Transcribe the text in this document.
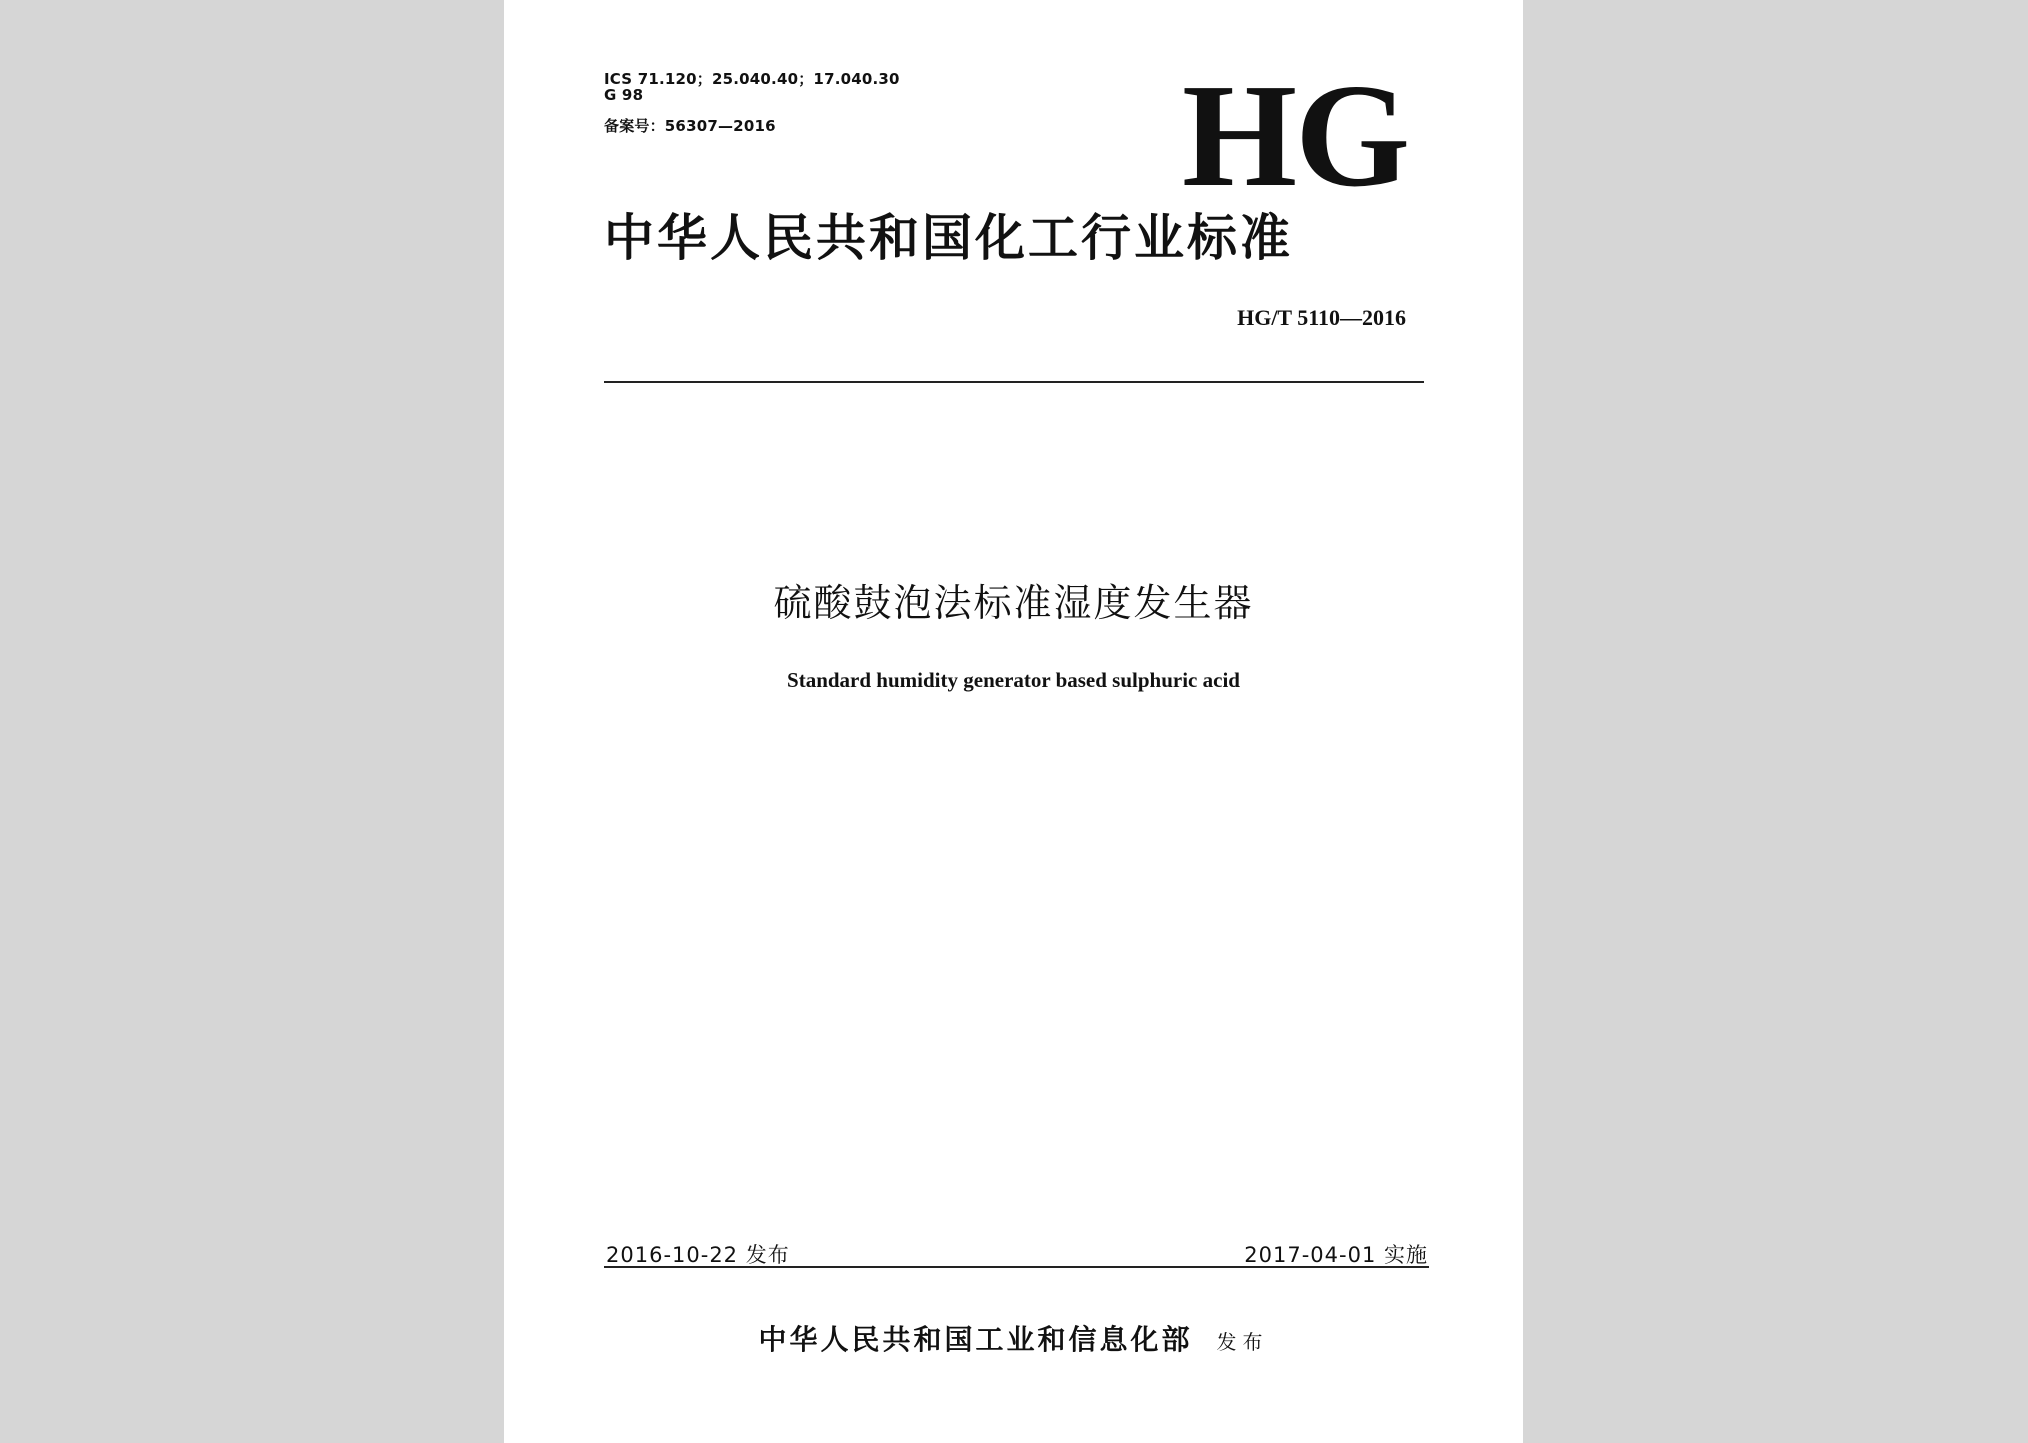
ICS 71.120；25.040.40；17.040.30
G 98
备案号：56307—2016	HG
中华人民共和国化工行业标准
HG/T 5110—2016
硫酸鼓泡法标准湿度发生器
Standard humidity generator based sulphuric acid
2016-10-22 发布	2017-04-01 实施
中华人民共和国工业和信息化部 发布
